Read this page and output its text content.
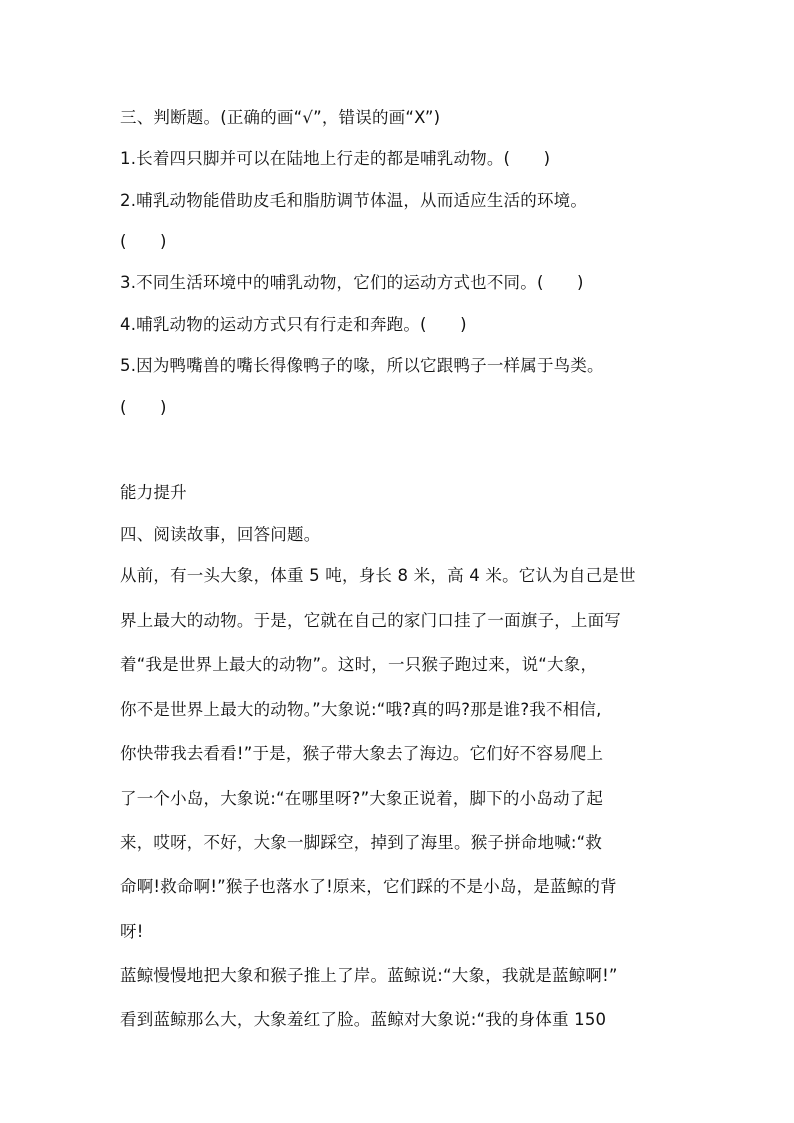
三、判断题。(正确的画“√”，错误的画“X”)
1.长着四只脚并可以在陆地上行走的都是哺乳动物。(　　)
2.哺乳动物能借助皮毛和脂肪调节体温，从而适应生活的环境。
(　　)
3.不同生活环境中的哺乳动物，它们的运动方式也不同。(　　)
4.哺乳动物的运动方式只有行走和奔跑。(　　)
5.因为鸭嘴兽的嘴长得像鸭子的喙，所以它跟鸭子一样属于鸟类。
(　　)
能力提升
四、阅读故事，回答问题。
从前，有一头大象，体重 5 吨，身长 8 米，高 4 米。它认为自己是世
界上最大的动物。于是，它就在自己的家门口挂了一面旗子，上面写
着“我是世界上最大的动物”。这时，一只猴子跑过来，说“大象，
你不是世界上最大的动物。”大象说:“哦?真的吗?那是谁?我不相信,
你快带我去看看!”于是，猴子带大象去了海边。它们好不容易爬上
了一个小岛，大象说:“在哪里呀?”大象正说着，脚下的小岛动了起
来，哎呀，不好，大象一脚踩空，掉到了海里。猴子拼命地喊:“救
命啊!救命啊!”猴子也落水了!原来，它们踩的不是小岛，是蓝鲸的背
呀!
蓝鲸慢慢地把大象和猴子推上了岸。蓝鲸说:“大象，我就是蓝鲸啊!”
看到蓝鲸那么大，大象羞红了脸。蓝鲸对大象说:“我的身体重 150
